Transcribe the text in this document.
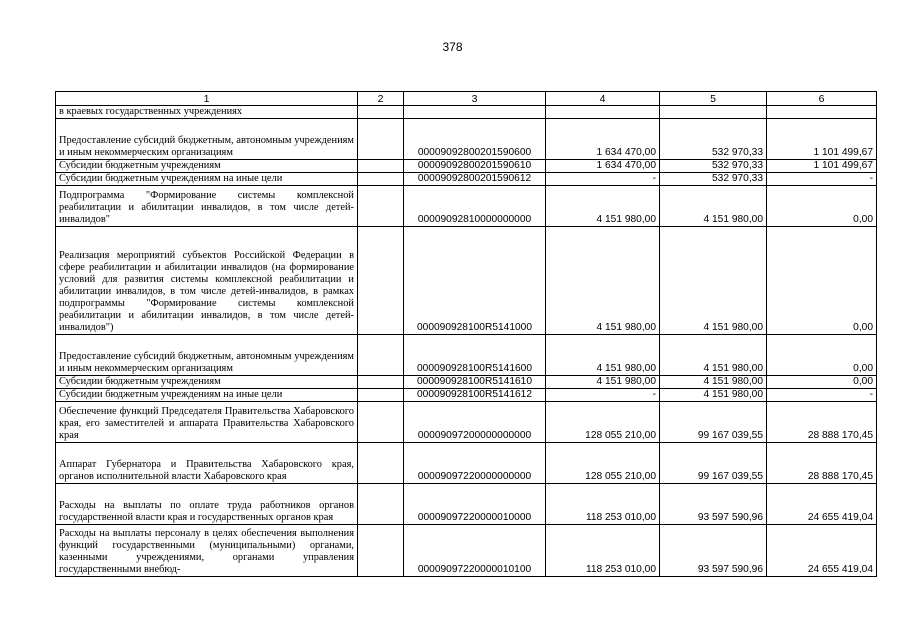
378
1	2	3	4	5	6
в краевых государственных учреждениях					
Предоставление субсидий бюджетным, автономным учреждениям и иным некоммерческим организациям		00009092800201590600	1 634 470,00	532 970,33	1 101 499,67
Субсидии бюджетным учреждениям		00009092800201590610	1 634 470,00	532 970,33	1 101 499,67
Субсидии бюджетным учреждениям на иные цели		00009092800201590612	-	532 970,33	-
Подпрограмма "Формирование системы комплексной реабилитации и абилитации инвалидов, в том числе детей-инвалидов"		00009092810000000000	4 151 980,00	4 151 980,00	0,00
Реализация мероприятий субъектов Российской Федерации в сфере реабилитации и абилитации инвалидов (на формирование условий для развития системы комплексной реабилитации и абилитации инвалидов, в том числе детей-инвалидов, в рамках подпрограммы "Формирование системы комплексной реабилитации и абилитации инвалидов, в том числе детей-инвалидов")		000090928100R5141000	4 151 980,00	4 151 980,00	0,00
Предоставление субсидий бюджетным, автономным учреждениям и иным некоммерческим организациям		000090928100R5141600	4 151 980,00	4 151 980,00	0,00
Субсидии бюджетным учреждениям		000090928100R5141610	4 151 980,00	4 151 980,00	0,00
Субсидии бюджетным учреждениям на иные цели		000090928100R5141612	-	4 151 980,00	-
Обеспечение функций Председателя Правительства Хабаровского края, его заместителей и аппарата Правительства Хабаровского края		00009097200000000000	128 055 210,00	99 167 039,55	28 888 170,45
Аппарат Губернатора и Правительства Хабаровского края, органов исполнительной власти Хабаровского края		00009097220000000000	128 055 210,00	99 167 039,55	28 888 170,45
Расходы на выплаты по оплате труда работников органов государственной власти края и государственных органов края		00009097220000010000	118 253 010,00	93 597 590,96	24 655 419,04
Расходы на выплаты персоналу в целях обеспечения выполнения функций государственными (муниципальными) органами, казенными учреждениями, органами управления государственными внебюд-		00009097220000010100	118 253 010,00	93 597 590,96	24 655 419,04
